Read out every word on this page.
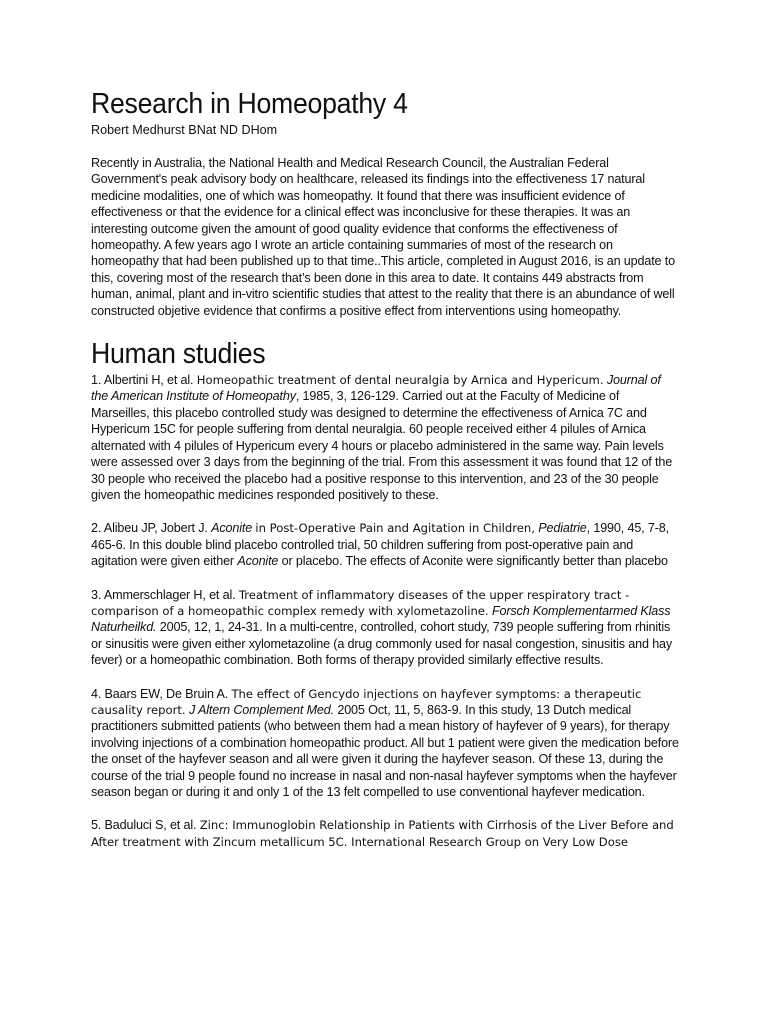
Research in Homeopathy 4

Robert Medhurst BNat ND DHom

Recently in Australia, the National Health and Medical Research Council, the Australian Federal Government's peak advisory body on healthcare, released its findings into the effectiveness 17 natural medicine modalities, one of which was homeopathy. It found that there was insufficient evidence of effectiveness or that the evidence for a clinical effect was inconclusive for these therapies. It was an interesting outcome given the amount of good quality evidence that conforms the effectiveness of homeopathy. A few years ago I wrote an article containing summaries of most of the research on homeopathy that had been published up to that time..This article, completed in August 2016, is an update to this, covering most of the research that’s been done in this area to date. It contains 449 abstracts from human, animal, plant and in-vitro scientific studies that attest to the reality that there is an abundance of well constructed objetive evidence that confirms a positive effect from interventions using homeopathy.

Human studies

1. Albertini H, et al. Homeopathic treatment of dental neuralgia by Arnica and Hypericum. Journal of the American Institute of Homeopathy, 1985, 3, 126-129. Carried out at the Faculty of Medicine of Marseilles, this placebo controlled study was designed to determine the effectiveness of Arnica 7C and Hypericum 15C for people suffering from dental neuralgia. 60 people received either 4 pilules of Arnica alternated with 4 pilules of Hypericum every 4 hours or placebo administered in the same way. Pain levels were assessed over 3 days from the beginning of the trial. From this assessment it was found that 12 of the 30 people who received the placebo had a positive response to this intervention, and 23 of the 30 people given the homeopathic medicines responded positively to these.

2. Alibeu JP, Jobert J. Aconite in Post-Operative Pain and Agitation in Children, Pediatrie, 1990, 45, 7-8, 465-6. In this double blind placebo controlled trial, 50 children suffering from post-operative pain and agitation were given either Aconite or placebo. The effects of Aconite were significantly better than placebo

3. Ammerschlager H, et al. Treatment of inflammatory diseases of the upper respiratory tract - comparison of a homeopathic complex remedy with xylometazoline. Forsch Komplementarmed Klass Naturheilkd. 2005, 12, 1, 24-31. In a multi-centre, controlled, cohort study, 739 people suffering from rhinitis or sinusitis were given either xylometazoline (a drug commonly used for nasal congestion, sinusitis and hay fever) or a homeopathic combination. Both forms of therapy provided similarly effective results.

4. Baars EW, De Bruin A. The effect of Gencydo injections on hayfever symptoms: a therapeutic causality report. J Altern Complement Med. 2005 Oct, 11, 5, 863-9. In this study, 13 Dutch medical practitioners submitted patients (who between them had a mean history of hayfever of 9 years), for therapy involving injections of a combination homeopathic product. All but 1 patient were given the medication before the onset of the hayfever season and all were given it during the hayfever season. Of these 13, during the course of the trial 9 people found no increase in nasal and non-nasal hayfever symptoms when the hayfever season began or during it and only 1 of the 13 felt compelled to use conventional hayfever medication.

5. Baduluci S, et al. Zinc: Immunoglobin Relationship in Patients with Cirrhosis of the Liver Before and After treatment with Zincum metallicum 5C. International Research Group on Very Low Dose
